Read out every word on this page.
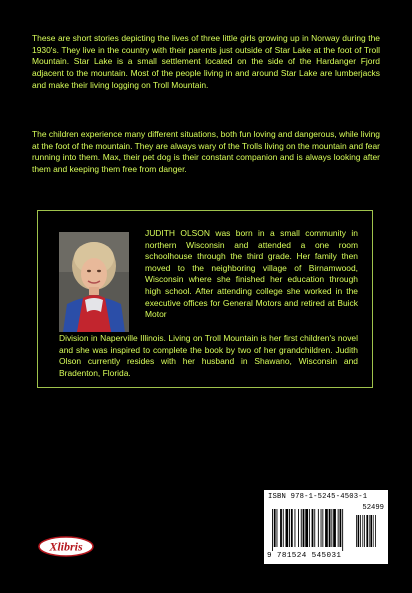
These are short stories depicting the lives of three little girls growing up in Norway during the 1930's. They live in the country with their parents just outside of Star Lake at the foot of Troll Mountain. Star Lake is a small settlement located on the side of the Hardanger Fjord adjacent to the mountain. Most of the people living in and around Star Lake are lumberjacks and make their living logging on Troll Mountain.

The children experience many different situations, both fun loving and dangerous, while living at the foot of the mountain. They are always wary of the Trolls living on the mountain and fear running into them. Max, their pet dog is their constant companion and is always looking after them and keeping them free from danger.

JUDITH OLSON was born in a small community in northern Wisconsin and attended a one room schoolhouse through the third grade. Her family then moved to the neighboring village of Birnamwood, Wisconsin where she finished her education through high school. After attending college she worked in the executive offices for General Motors and retired at Buick Motor

Division in Naperville Illinois. Living on Troll Mountain is her first children's novel and she was inspired to complete the book by two of her grandchildren. Judith Olson currently resides with her husband in Shawano, Wisconsin and Bradenton, Florida.

Xlibris
ISBN 978-1-5245-4503-1
52499
9 781524 545031
